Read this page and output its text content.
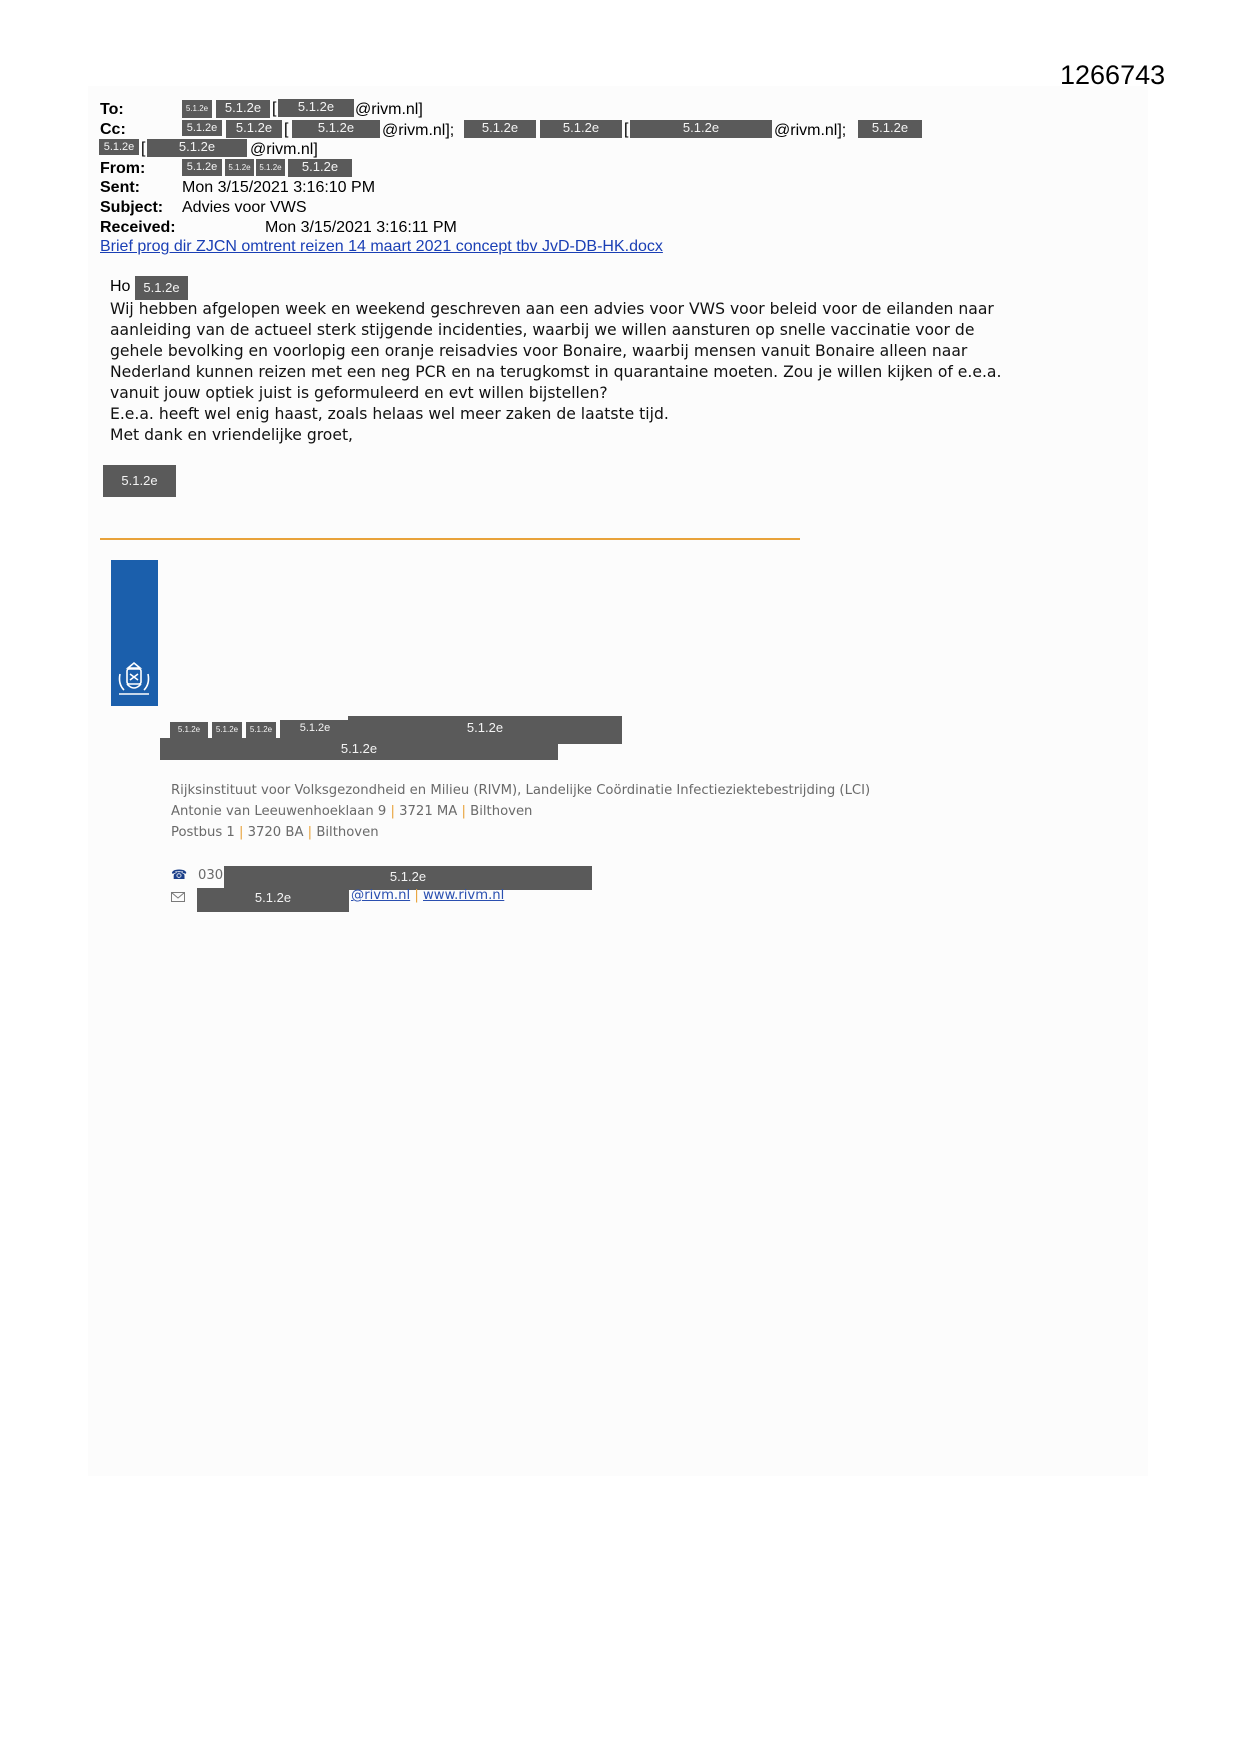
1266743
To:	5.1.2e	5.1.2e [	5.1.2e	@rivm.nl]
Cc:	5.1.2e	5.1.2e [	5.1.2e	@rivm.nl];	5.1.2e	5.1.2e	[	5.1.2e	@rivm.nl];	5.1.2e
5.1.2e [	5.1.2e	@rivm.nl]
From:	5.1.2e	5.1.2e	5.1.2e	5.1.2e
Sent:	Mon 3/15/2021 3:16:10 PM
Subject: Advies voor VWS
Received:	Mon 3/15/2021 3:16:11 PM
Brief prog dir ZJCN omtrent reizen 14 maart 2021 concept tbv JvD-DB-HK.docx
Ho 5.1.2e
Wij hebben afgelopen week en weekend geschreven aan een advies voor VWS voor beleid voor de eilanden naar
aanleiding van de actueel sterk stijgende incidenties, waarbij we willen aansturen op snelle vaccinatie voor de
gehele bevolking en voorlopig een oranje reisadvies voor Bonaire, waarbij mensen vanuit Bonaire alleen naar
Nederland kunnen reizen met een neg PCR en na terugkomst in quarantaine moeten. Zou je willen kijken of e.e.a.
vanuit jouw optiek juist is geformuleerd en evt willen bijstellen?
E.e.a. heeft wel enig haast, zoals helaas wel meer zaken de laatste tijd.
Met dank en vriendelijke groet,
5.1.2e
5.1.2e	5.1.2e	5.1.2e	5.1.2e	5.1.2e
5.1.2e
Rijksinstituut voor Volksgezondheid en Milieu (RIVM), Landelijke Coördinatie Infectieziektebestrijding (LCI)
Antonie van Leeuwenhoeklaan 9 | 3721 MA | Bilthoven
Postbus 1 | 3720 BA | Bilthoven
☎ 030	5.1.2e
5.1.2e	@rivm.nl | www.rivm.nl
